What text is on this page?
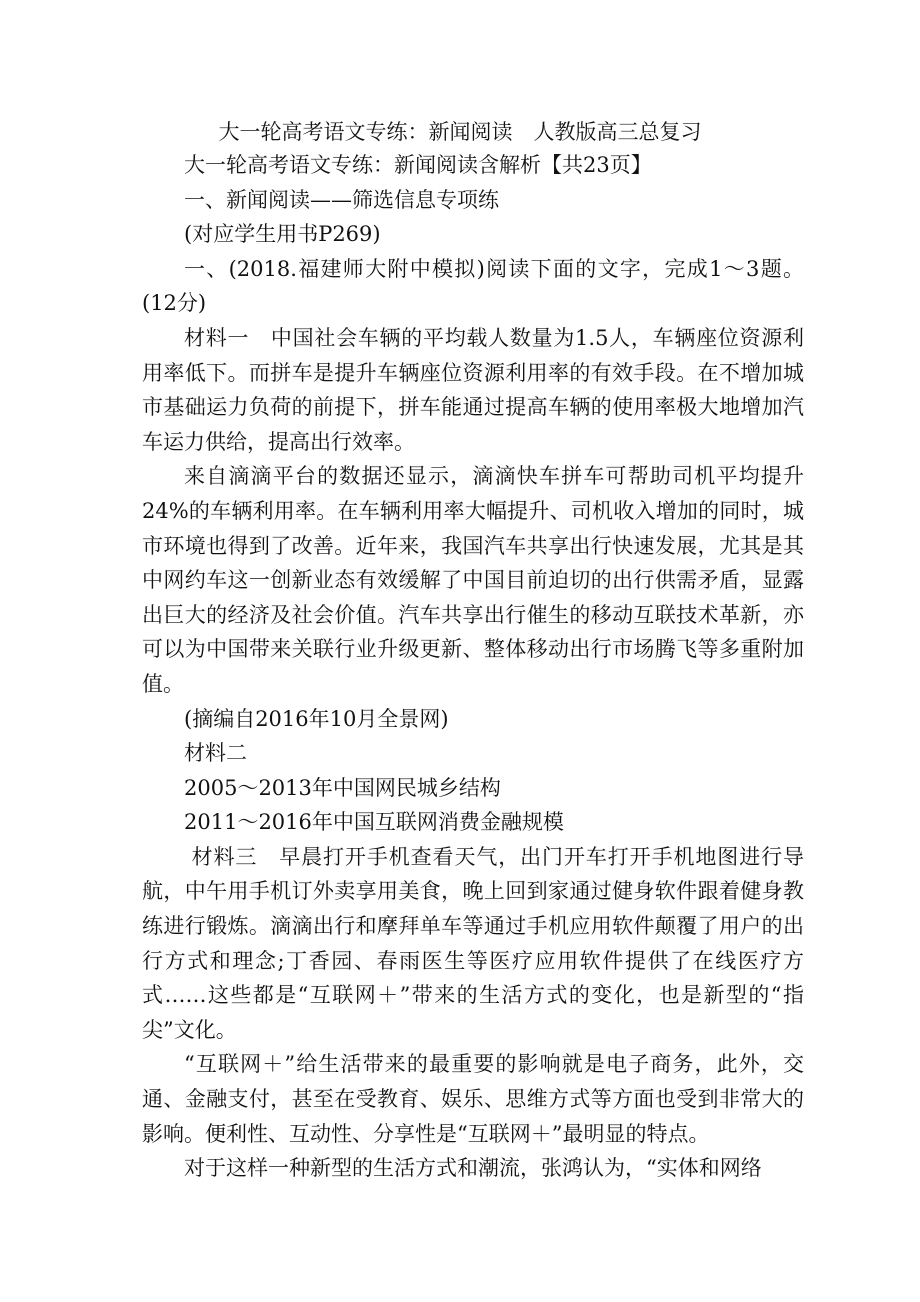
大一轮高考语文专练：新闻阅读　人教版高三总复习

大一轮高考语文专练：新闻阅读含解析【共23页】

一、新闻阅读——筛选信息专项练

(对应学生用书P269)

一、(2018.福建师大附中模拟)阅读下面的文字，完成1～3题。(12分)

材料一　中国社会车辆的平均载人数量为1.5人，车辆座位资源利用率低下。而拼车是提升车辆座位资源利用率的有效手段。在不增加城市基础运力负荷的前提下，拼车能通过提高车辆的使用率极大地增加汽车运力供给，提高出行效率。

来自滴滴平台的数据还显示，滴滴快车拼车可帮助司机平均提升24%的车辆利用率。在车辆利用率大幅提升、司机收入增加的同时，城市环境也得到了改善。近年来，我国汽车共享出行快速发展，尤其是其中网约车这一创新业态有效缓解了中国目前迫切的出行供需矛盾，显露出巨大的经济及社会价值。汽车共享出行催生的移动互联技术革新，亦可以为中国带来关联行业升级更新、整体移动出行市场腾飞等多重附加值。

(摘编自2016年10月全景网)

材料二

2005～2013年中国网民城乡结构

2011～2016年中国互联网消费金融规模

材料三　早晨打开手机查看天气，出门开车打开手机地图进行导航，中午用手机订外卖享用美食，晚上回到家通过健身软件跟着健身教练进行锻炼。滴滴出行和摩拜单车等通过手机应用软件颠覆了用户的出行方式和理念;丁香园、春雨医生等医疗应用软件提供了在线医疗方式……这些都是“互联网＋”带来的生活方式的变化，也是新型的“指尖”文化。

“互联网＋”给生活带来的最重要的影响就是电子商务，此外，交通、金融支付，甚至在受教育、娱乐、思维方式等方面也受到非常大的影响。便利性、互动性、分享性是“互联网＋”最明显的特点。

对于这样一种新型的生活方式和潮流，张鸿认为，“实体和网络
